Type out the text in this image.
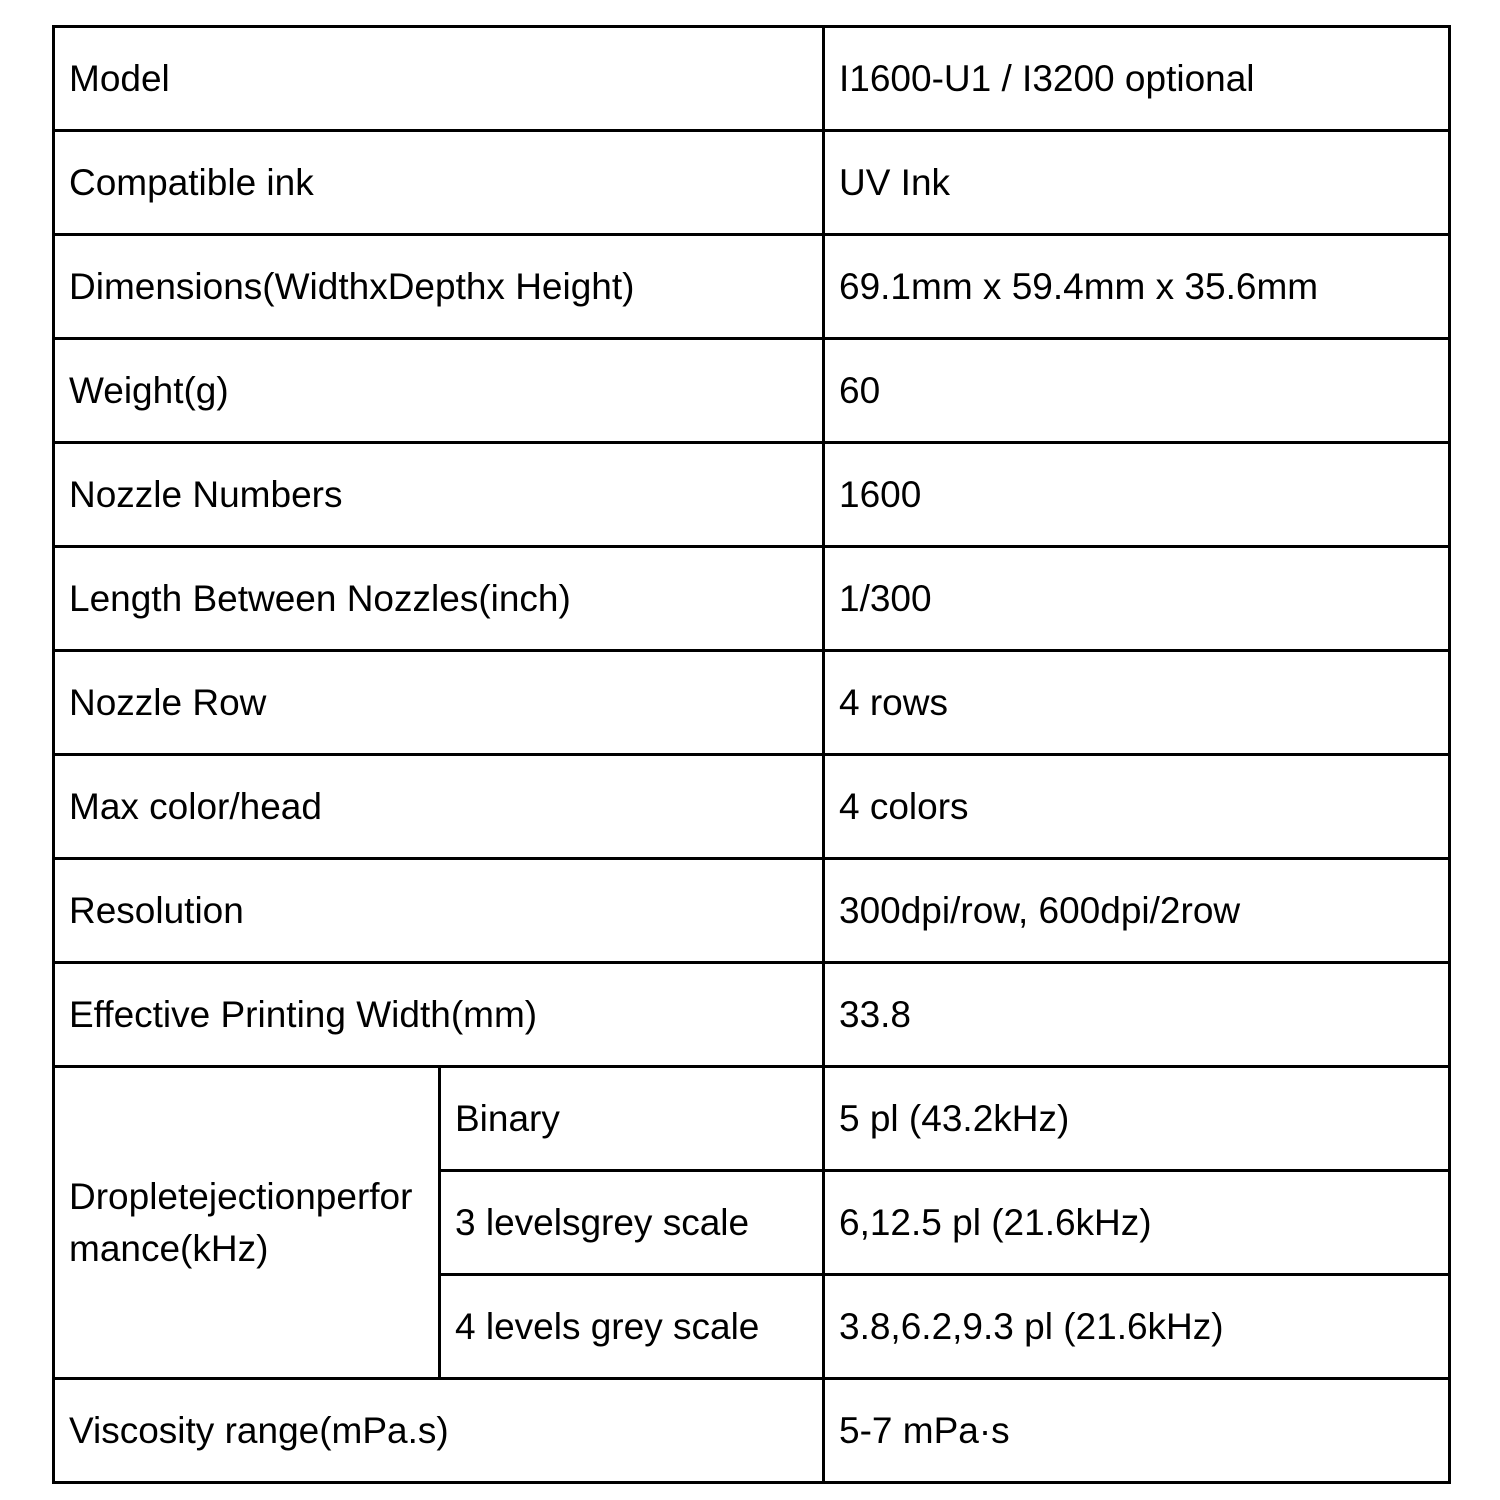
Model		I1600-U1 / I3200 optional
Compatible ink		UV Ink
Dimensions(WidthxDepthx Height)		69.1mm x 59.4mm x 35.6mm
Weight(g)		60
Nozzle Numbers		1600
Length Between Nozzles(inch)		1/300
Nozzle Row		4 rows
Max color/head		4 colors
Resolution		300dpi/row, 600dpi/2row
Effective Printing Width(mm)		33.8
Dropletejectionperformance(kHz)	Binary	5 pl (43.2kHz)
	3 levelsgrey scale	6,12.5 pl (21.6kHz)
	4 levels grey scale	3.8,6.2,9.3 pl (21.6kHz)
Viscosity range(mPa.s)		5-7 mPa·s
